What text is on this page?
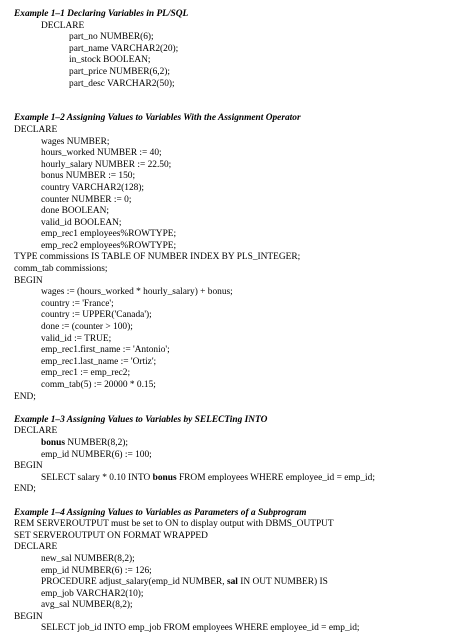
Example 1–1 Declaring Variables in PL/SQL
DECLARE
part_no NUMBER(6);
part_name VARCHAR2(20);
in_stock BOOLEAN;
part_price NUMBER(6,2);
part_desc VARCHAR2(50);
Example 1–2 Assigning Values to Variables With the Assignment Operator
DECLARE
wages NUMBER;
hours_worked NUMBER := 40;
hourly_salary NUMBER := 22.50;
bonus NUMBER := 150;
country VARCHAR2(128);
counter NUMBER := 0;
done BOOLEAN;
valid_id BOOLEAN;
emp_rec1 employees%ROWTYPE;
emp_rec2 employees%ROWTYPE;
TYPE commissions IS TABLE OF NUMBER INDEX BY PLS_INTEGER;
comm_tab commissions;
BEGIN
wages := (hours_worked * hourly_salary) + bonus;
country := 'France';
country := UPPER('Canada');
done := (counter > 100);
valid_id := TRUE;
emp_rec1.first_name := 'Antonio';
emp_rec1.last_name := 'Ortiz';
emp_rec1 := emp_rec2;
comm_tab(5) := 20000 * 0.15;
END;
Example 1–3 Assigning Values to Variables by SELECTing INTO
DECLARE
bonus NUMBER(8,2);
emp_id NUMBER(6) := 100;
BEGIN
SELECT salary * 0.10 INTO bonus FROM employees WHERE employee_id = emp_id;
END;
Example 1–4 Assigning Values to Variables as Parameters of a Subprogram
REM SERVEROUTPUT must be set to ON to display output with DBMS_OUTPUT
SET SERVEROUTPUT ON FORMAT WRAPPED
DECLARE
new_sal NUMBER(8,2);
emp_id NUMBER(6) := 126;
PROCEDURE adjust_salary(emp_id NUMBER, sal IN OUT NUMBER) IS
emp_job VARCHAR2(10);
avg_sal NUMBER(8,2);
BEGIN
SELECT job_id INTO emp_job FROM employees WHERE employee_id = emp_id;
